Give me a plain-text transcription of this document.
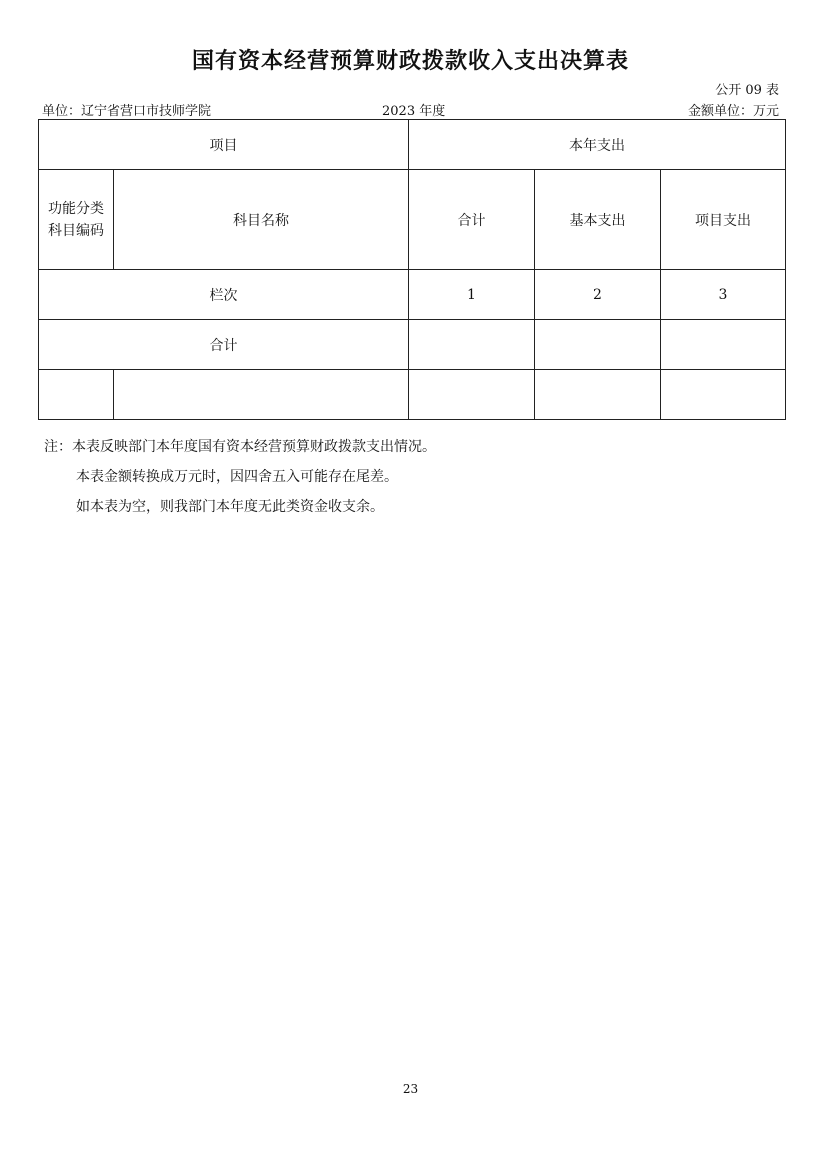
国有资本经营预算财政拨款收入支出决算表
公开 09 表
单位：辽宁省营口市技师学院	2023 年度	金额单位：万元
项目		本年支出		

功能分类
科目编码	科目名称	合计	基本支出	项目支出
栏次		1	2	3
合计				

注：本表反映部门本年度国有资本经营预算财政拨款支出情况。
本表金额转换成万元时，因四舍五入可能存在尾差。
如本表为空，则我部门本年度无此类资金收支余。
23
